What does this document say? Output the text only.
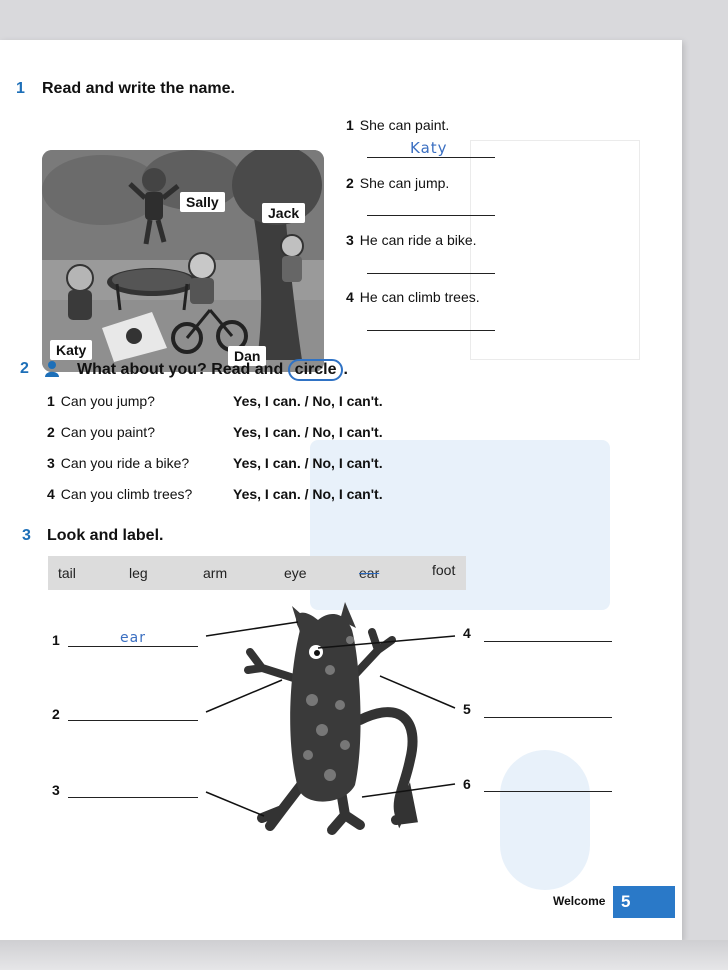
1 Read and write the name.
Sally
Jack
Katy	Dan
1 She can paint.
Katy
2 She can jump.
3 He can ride a bike.
4 He can climb trees.
2	What about you? Read and circle .
1 Can you jump?	Yes, I can. / No, I can't.
2 Can you paint?	Yes, I can. / No, I can't.
3 Can you ride a bike?	Yes, I can. / No, I can't.
4 Can you climb trees?	Yes, I can. / No, I can't.
3 Look and label.
tail	leg	arm	eye	ear	foot
1	ear
2
3
4
5
6
Welcome 5
